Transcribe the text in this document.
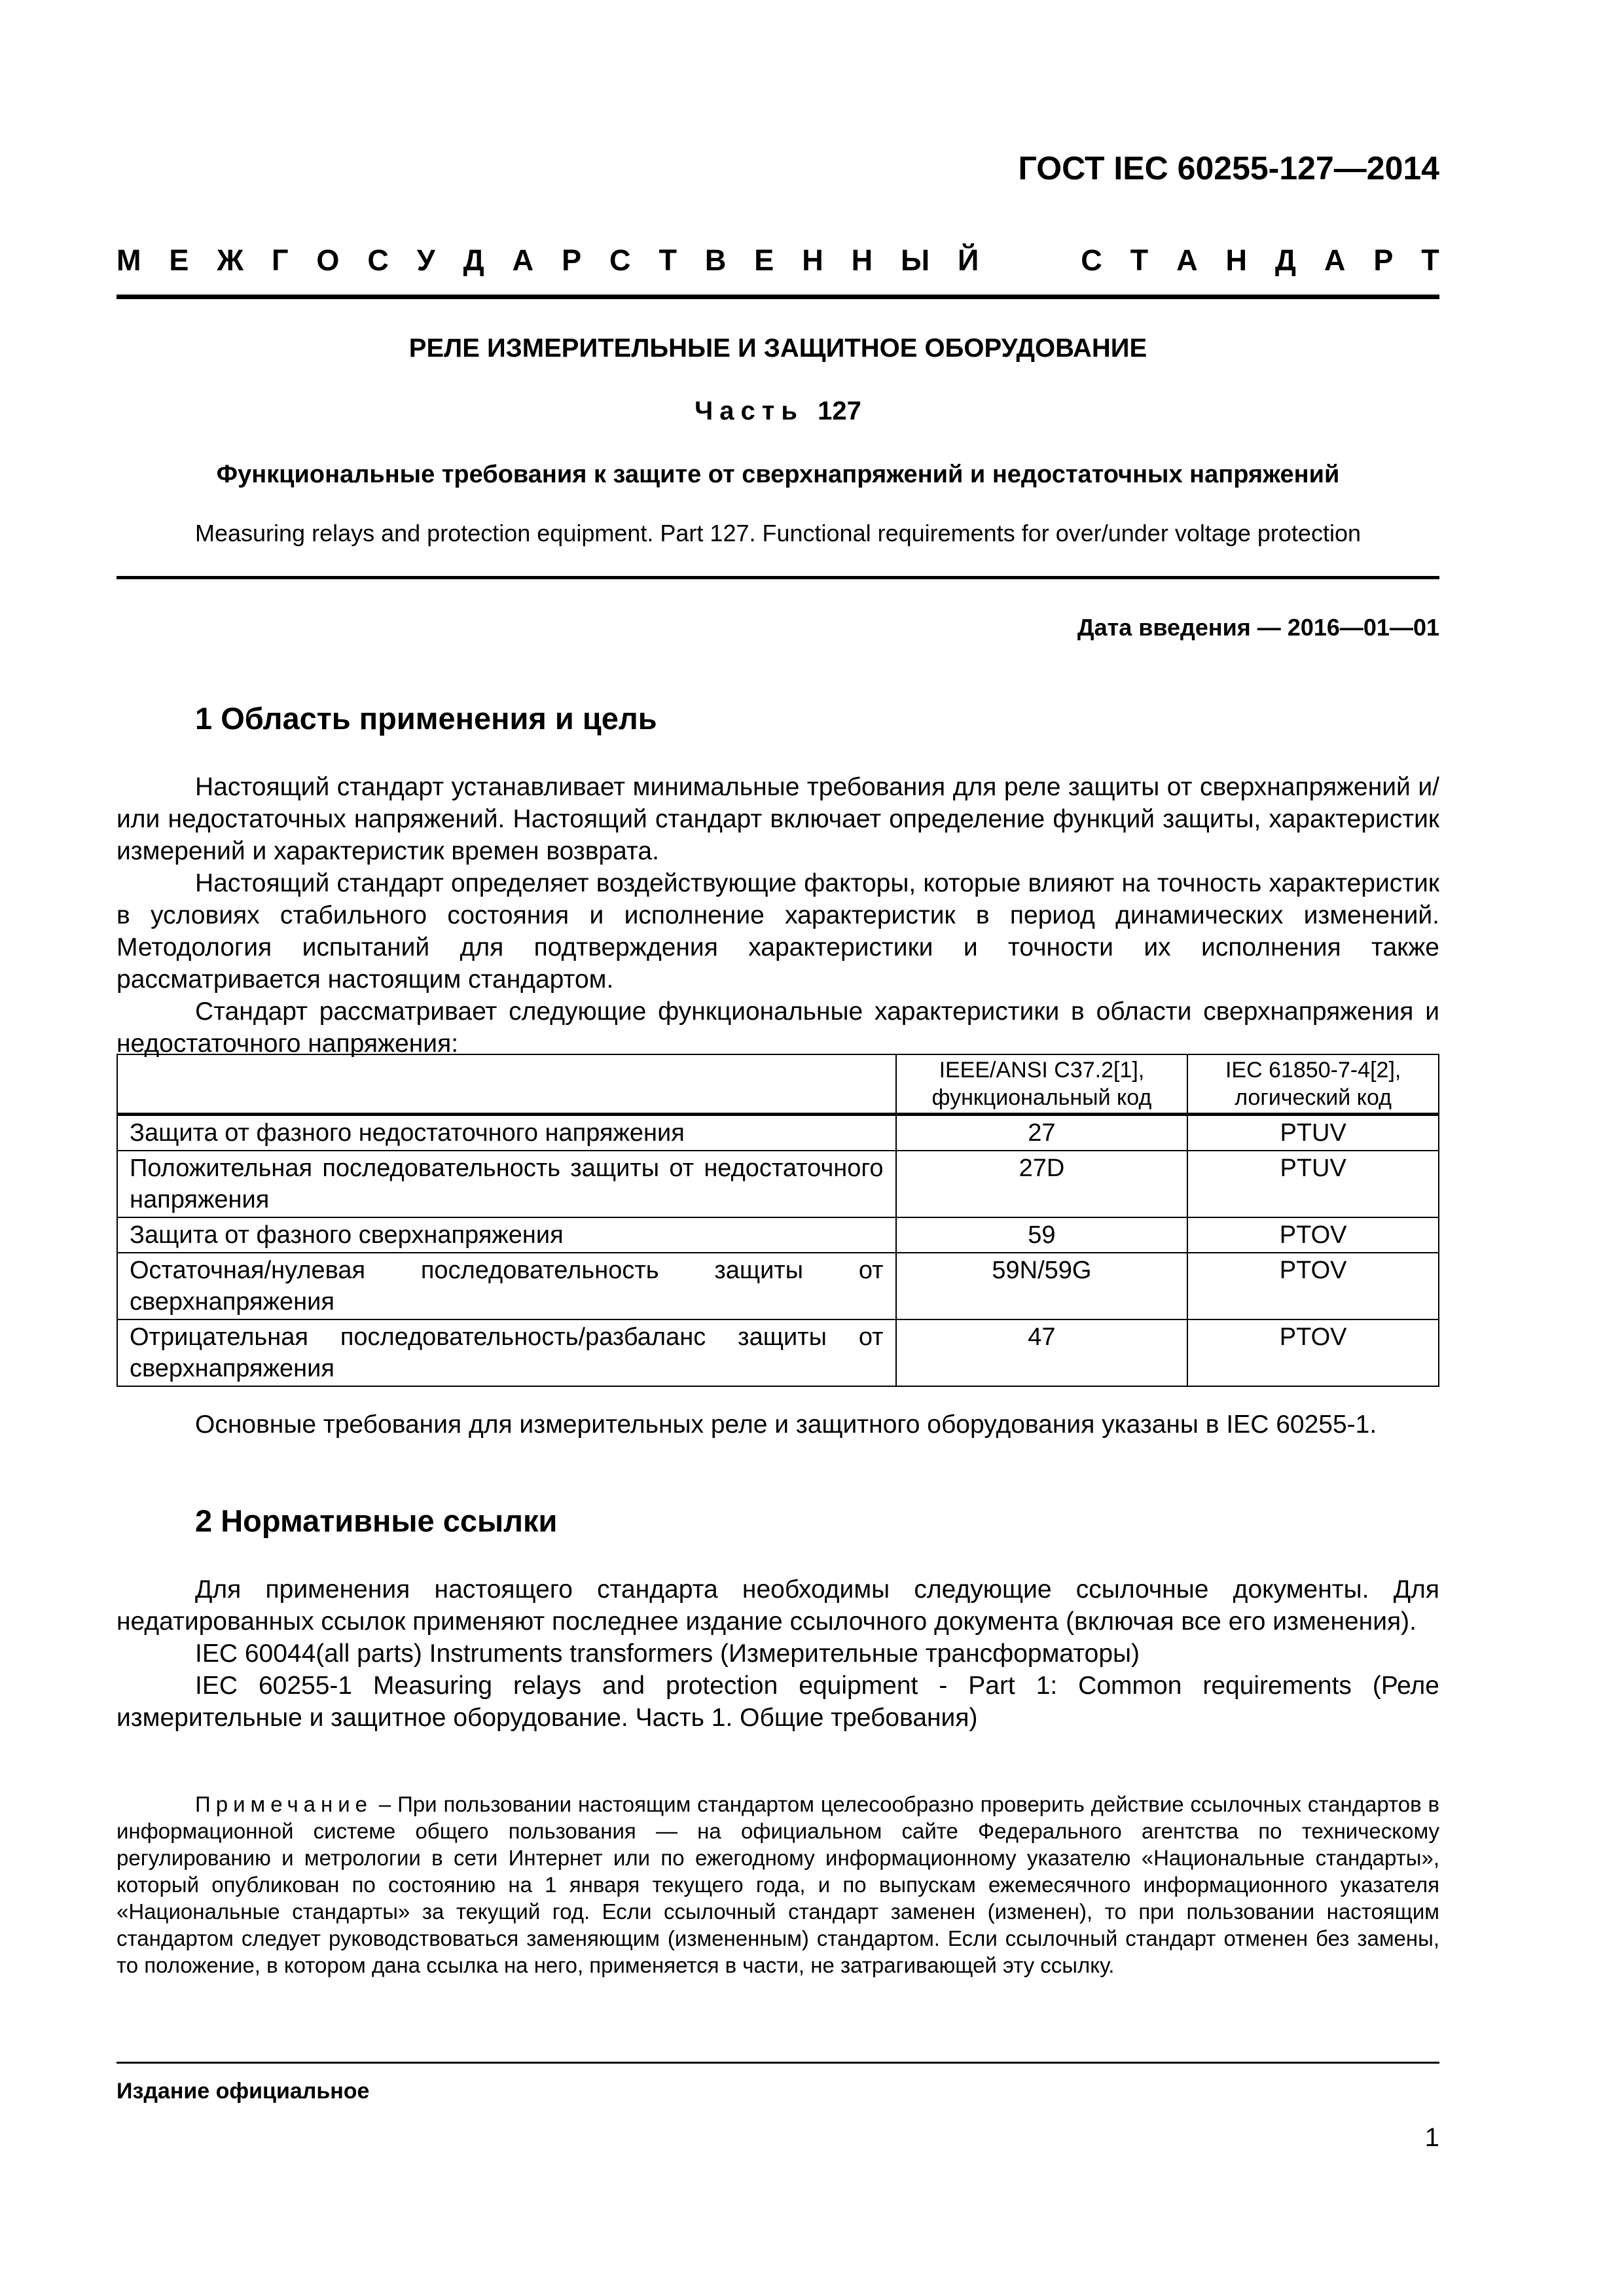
ГОСТ IEC 60255-127—2014
М Е Ж Г О С У Д А Р С Т В Е Н Н Ы Й	С Т А Н Д А Р Т
РЕЛЕ ИЗМЕРИТЕЛЬНЫЕ И ЗАЩИТНОЕ ОБОРУДОВАНИЕ
Часть 127
Функциональные требования к защите от сверхнапряжений и недостаточных напряжений
Measuring relays and protection equipment. Part 127. Functional requirements for over/under voltage protection
Дата введения — 2016—01—01
1 Область применения и цель

Настоящий стандарт устанавливает минимальные требования для реле защиты от сверхнапряжений и/или недостаточных напряжений. Настоящий стандарт включает определение функций защиты, характеристик измерений и характеристик времен возврата.

Настоящий стандарт определяет воздействующие факторы, которые влияют на точность характеристик в условиях стабильного состояния и исполнение характеристик в период динамических изменений. Методология испытаний для подтверждения характеристики и точности их исполнения также рассматривается настоящим стандартом.

Стандарт рассматривает следующие функциональные характеристики в области сверхнапряжения и недостаточного напряжения:

	IEEE/ANSI C37.2[1], функциональный код	IEC 61850-7-4[2], логический код
Защита от фазного недостаточного напряжения	27	PTUV
Положительная последовательность защиты от недостаточного напряжения	27D	PTUV
Защита от фазного сверхнапряжения	59	PTOV
Остаточная/нулевая последовательность защиты от сверхнапряжения	59N/59G	PTOV
Отрицательная последовательность/разбаланс защиты от сверхнапряжения	47	PTOV

Основные требования для измерительных реле и защитного оборудования указаны в IEC 60255-1.

2 Нормативные ссылки

Для применения настоящего стандарта необходимы следующие ссылочные документы. Для недатированных ссылок применяют последнее издание ссылочного документа (включая все его изменения).

IEC 60044(all parts) Instruments transformers (Измерительные трансформаторы)

IEC 60255-1 Measuring relays and protection equipment - Part 1: Common requirements (Реле измерительные и защитное оборудование. Часть 1. Общие требования)

Примечание – При пользовании настоящим стандартом целесообразно проверить действие ссылочных стандартов в информационной системе общего пользования — на официальном сайте Федерального агентства по техническому регулированию и метрологии в сети Интернет или по ежегодному информационному указателю «Национальные стандарты», который опубликован по состоянию на 1 января текущего года, и по выпускам ежемесячного информационного указателя «Национальные стандарты» за текущий год. Если ссылочный стандарт заменен (изменен), то при пользовании настоящим стандартом следует руководствоваться заменяющим (измененным) стандартом. Если ссылочный стандарт отменен без замены, то положение, в котором дана ссылка на него, применяется в части, не затрагивающей эту ссылку.

Издание официальное
1
